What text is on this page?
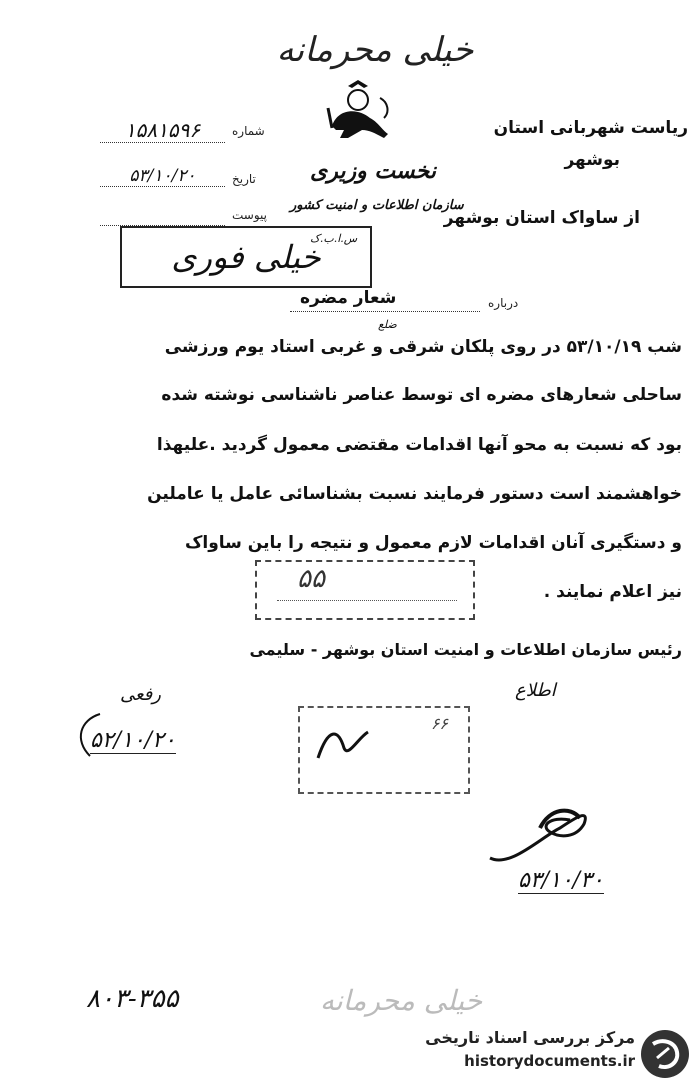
خیلی محرمانه
ریاست شهربانی استان
بوشهر
شماره
۱۵۸۱۵۹۶
تاریخ
۵۳/۱۰/۲۰	نخست وزیری
سازمان اطلاعات و امنیت کشور
از ساواک استان بوشهر
پیوست
س.ا.ب.ک
خیلی فوری
درباره
شعار مضره
ضلع
شب ۵۳/۱۰/۱۹ در روی پلکان شرقی و غربی استاد یوم ورزشی
ساحلی شعارهای مضره ای توسط عناصر ناشناسی نوشته شده
بود که نسبت به محو آنها اقدامات مقتضی معمول گردید .علیهذا
خواهشمند است دستور فرمایند نسبت بشناسائی عامل یا عاملین
و دستگیری آنان اقدامات لازم معمول و نتیجه را باین ساواک
نیز اعلام نمایند .
۵۵
رئیس سازمان اطلاعات و امنیت استان بوشهر - سلیمی
رفعی
۵۲/۱۰/۲۰
اطلاع
۶۶
۵۳/۱۰/۳۰
۸۰۳-۳۵۵	خیلی محرمانه
مرکز بررسی اسناد تاریخی
historydocuments.ir
